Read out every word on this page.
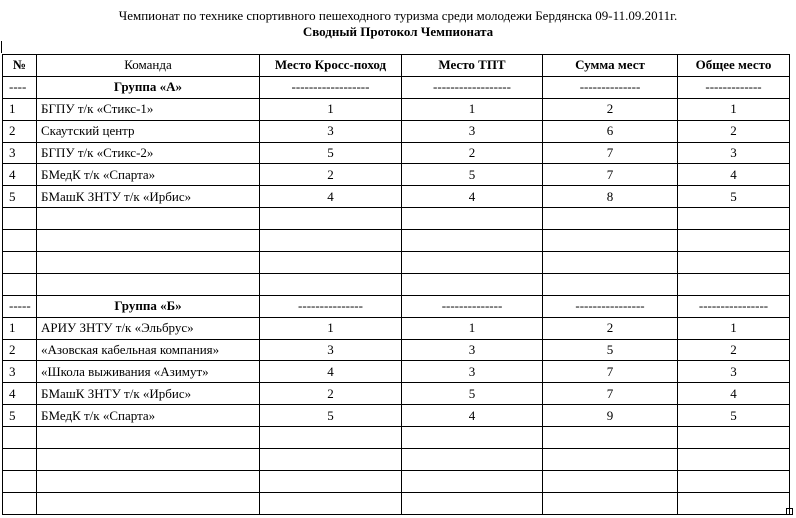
Чемпионат по технике спортивного пешеходного туризма среди молодежи Бердянска 09-11.09.2011г.
Сводный Протокол Чемпионата
№	Команда	Место Кросс-поход	Место ТПТ	Сумма мест	Общее место
----	Группа «А»	------------------	------------------	--------------	-------------
1	БГПУ т/к «Стикс-1»	1	1	2	1
2	Скаутский центр	3	3	6	2
3	БГПУ т/к «Стикс-2»	5	2	7	3
4	БМедК т/к «Спарта»	2	5	7	4
5	БМашК ЗНТУ т/к «Ирбис»	4	4	8	5

-----	Группа «Б»	---------------	--------------	----------------	----------------
1	АРИУ ЗНТУ т/к «Эльбрус»	1	1	2	1
2	«Азовская кабельная компания»	3	3	5	2
3	«Школа выживания «Азимут»	4	3	7	3
4	БМашК ЗНТУ т/к «Ирбис»	2	5	7	4
5	БМедК т/к «Спарта»	5	4	9	5
